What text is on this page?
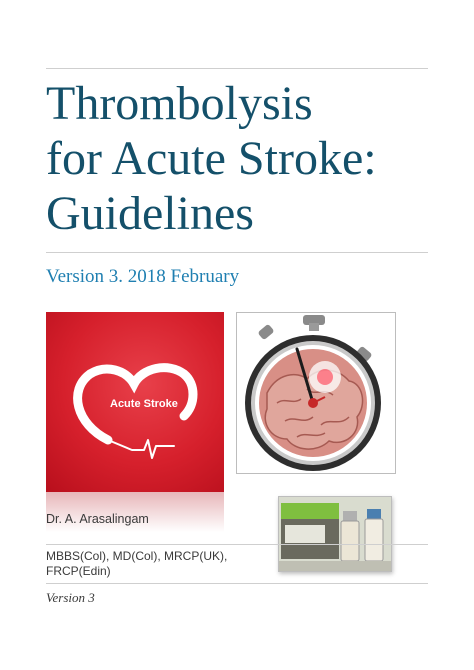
Thrombolysis
for Acute Stroke:
Guidelines
Version 3. 2018 February
Acute Stroke
Dr. A. Arasalingam
MBBS(Col), MD(Col), MRCP(UK),
FRCP(Edin)
Version 3
